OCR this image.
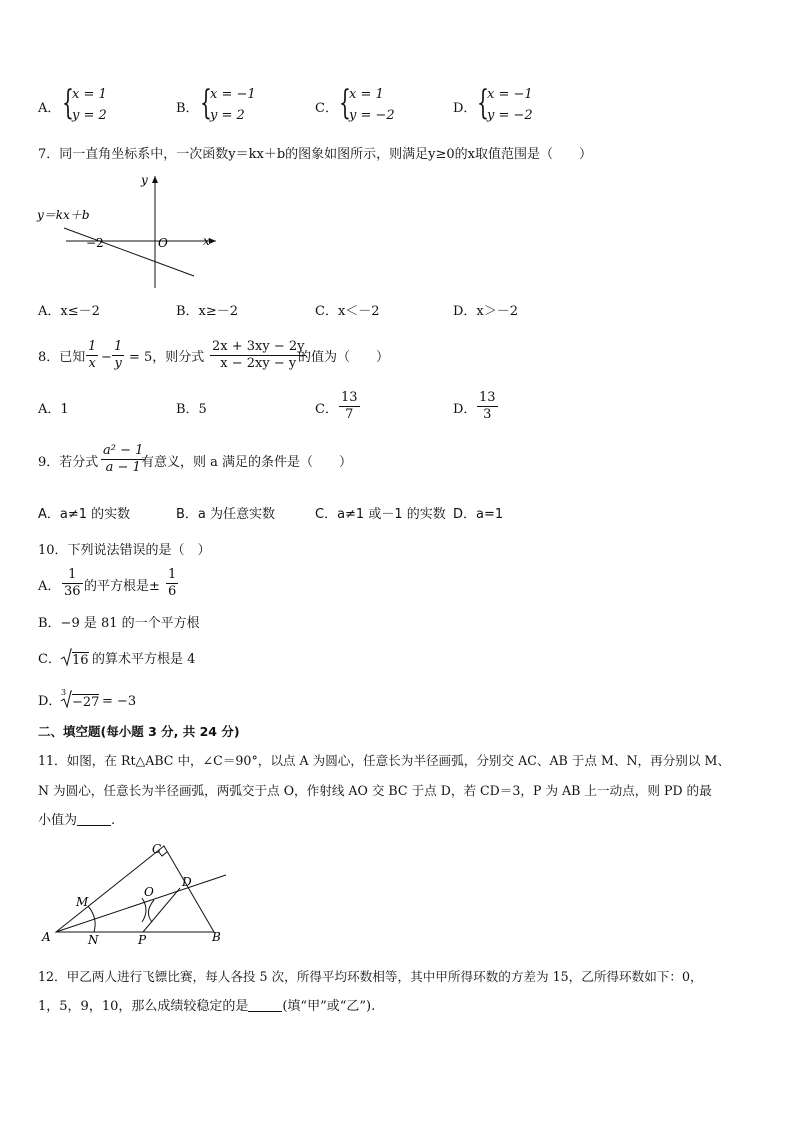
A． {
x = 1
y = 2	B． {
x = −1
y = 2	C． {
x = 1
y = −2	D． {
x = −1
y = −2
7．同一直角坐标系中，一次函数y＝kx＋b的图象如图所示，则满足y≥0的x取值范围是（　　）
y
x
O
y＝kx＋b
−2
A．x≤－2	B．x≥－2	C．x＜－2	D．x＞－2
8．已知 $\frac{1}{x} - \frac{1}{y} = 5$，则分式 $\frac{2x + 3xy - 2y}{x - 2xy - y}$
的值为（　　）
A．1	B．5	C． $\frac{13}{7}$	D． $\frac{13}{3}$
9．若分式 $\frac{\text{a² − 1}}{a - 1}$
有意义，则 a 满足的条件是（　　）
A．a≠1 的实数	B．a 为任意实数	C．a≠1 或－1 的实数 D．a=1
10．下列说法错误的是（　）
A． $\frac{1}{36}$ 的平方根是± $\frac{1}{6}$
B．−9 是 81 的一个平方根
C． 16 的算术平方根是 4
D．
3
−27 = −3
二、填空题(每小题 3 分, 共 24 分)
11．如图，在 Rt△ABC 中，∠C＝90°，以点 A 为圆心，任意长为半径画弧，分别交 AC、AB 于点 M、N，再分别以 M、
N 为圆心，任意长为半径画弧，两弧交于点 O，作射线 AO 交 BC 于点 D，若 CD＝3，P 为 AB 上一动点，则 PD 的最
小值为	.
A	B
C
D
M
N
O
P
12．甲乙两人进行飞镖比赛，每人各投 5 次，所得平均环数相等，其中甲所得环数的方差为 15，乙所得环数如下：0，
1，5，9，10，那么成绩较稳定的是	(填“甲”或“乙”).
